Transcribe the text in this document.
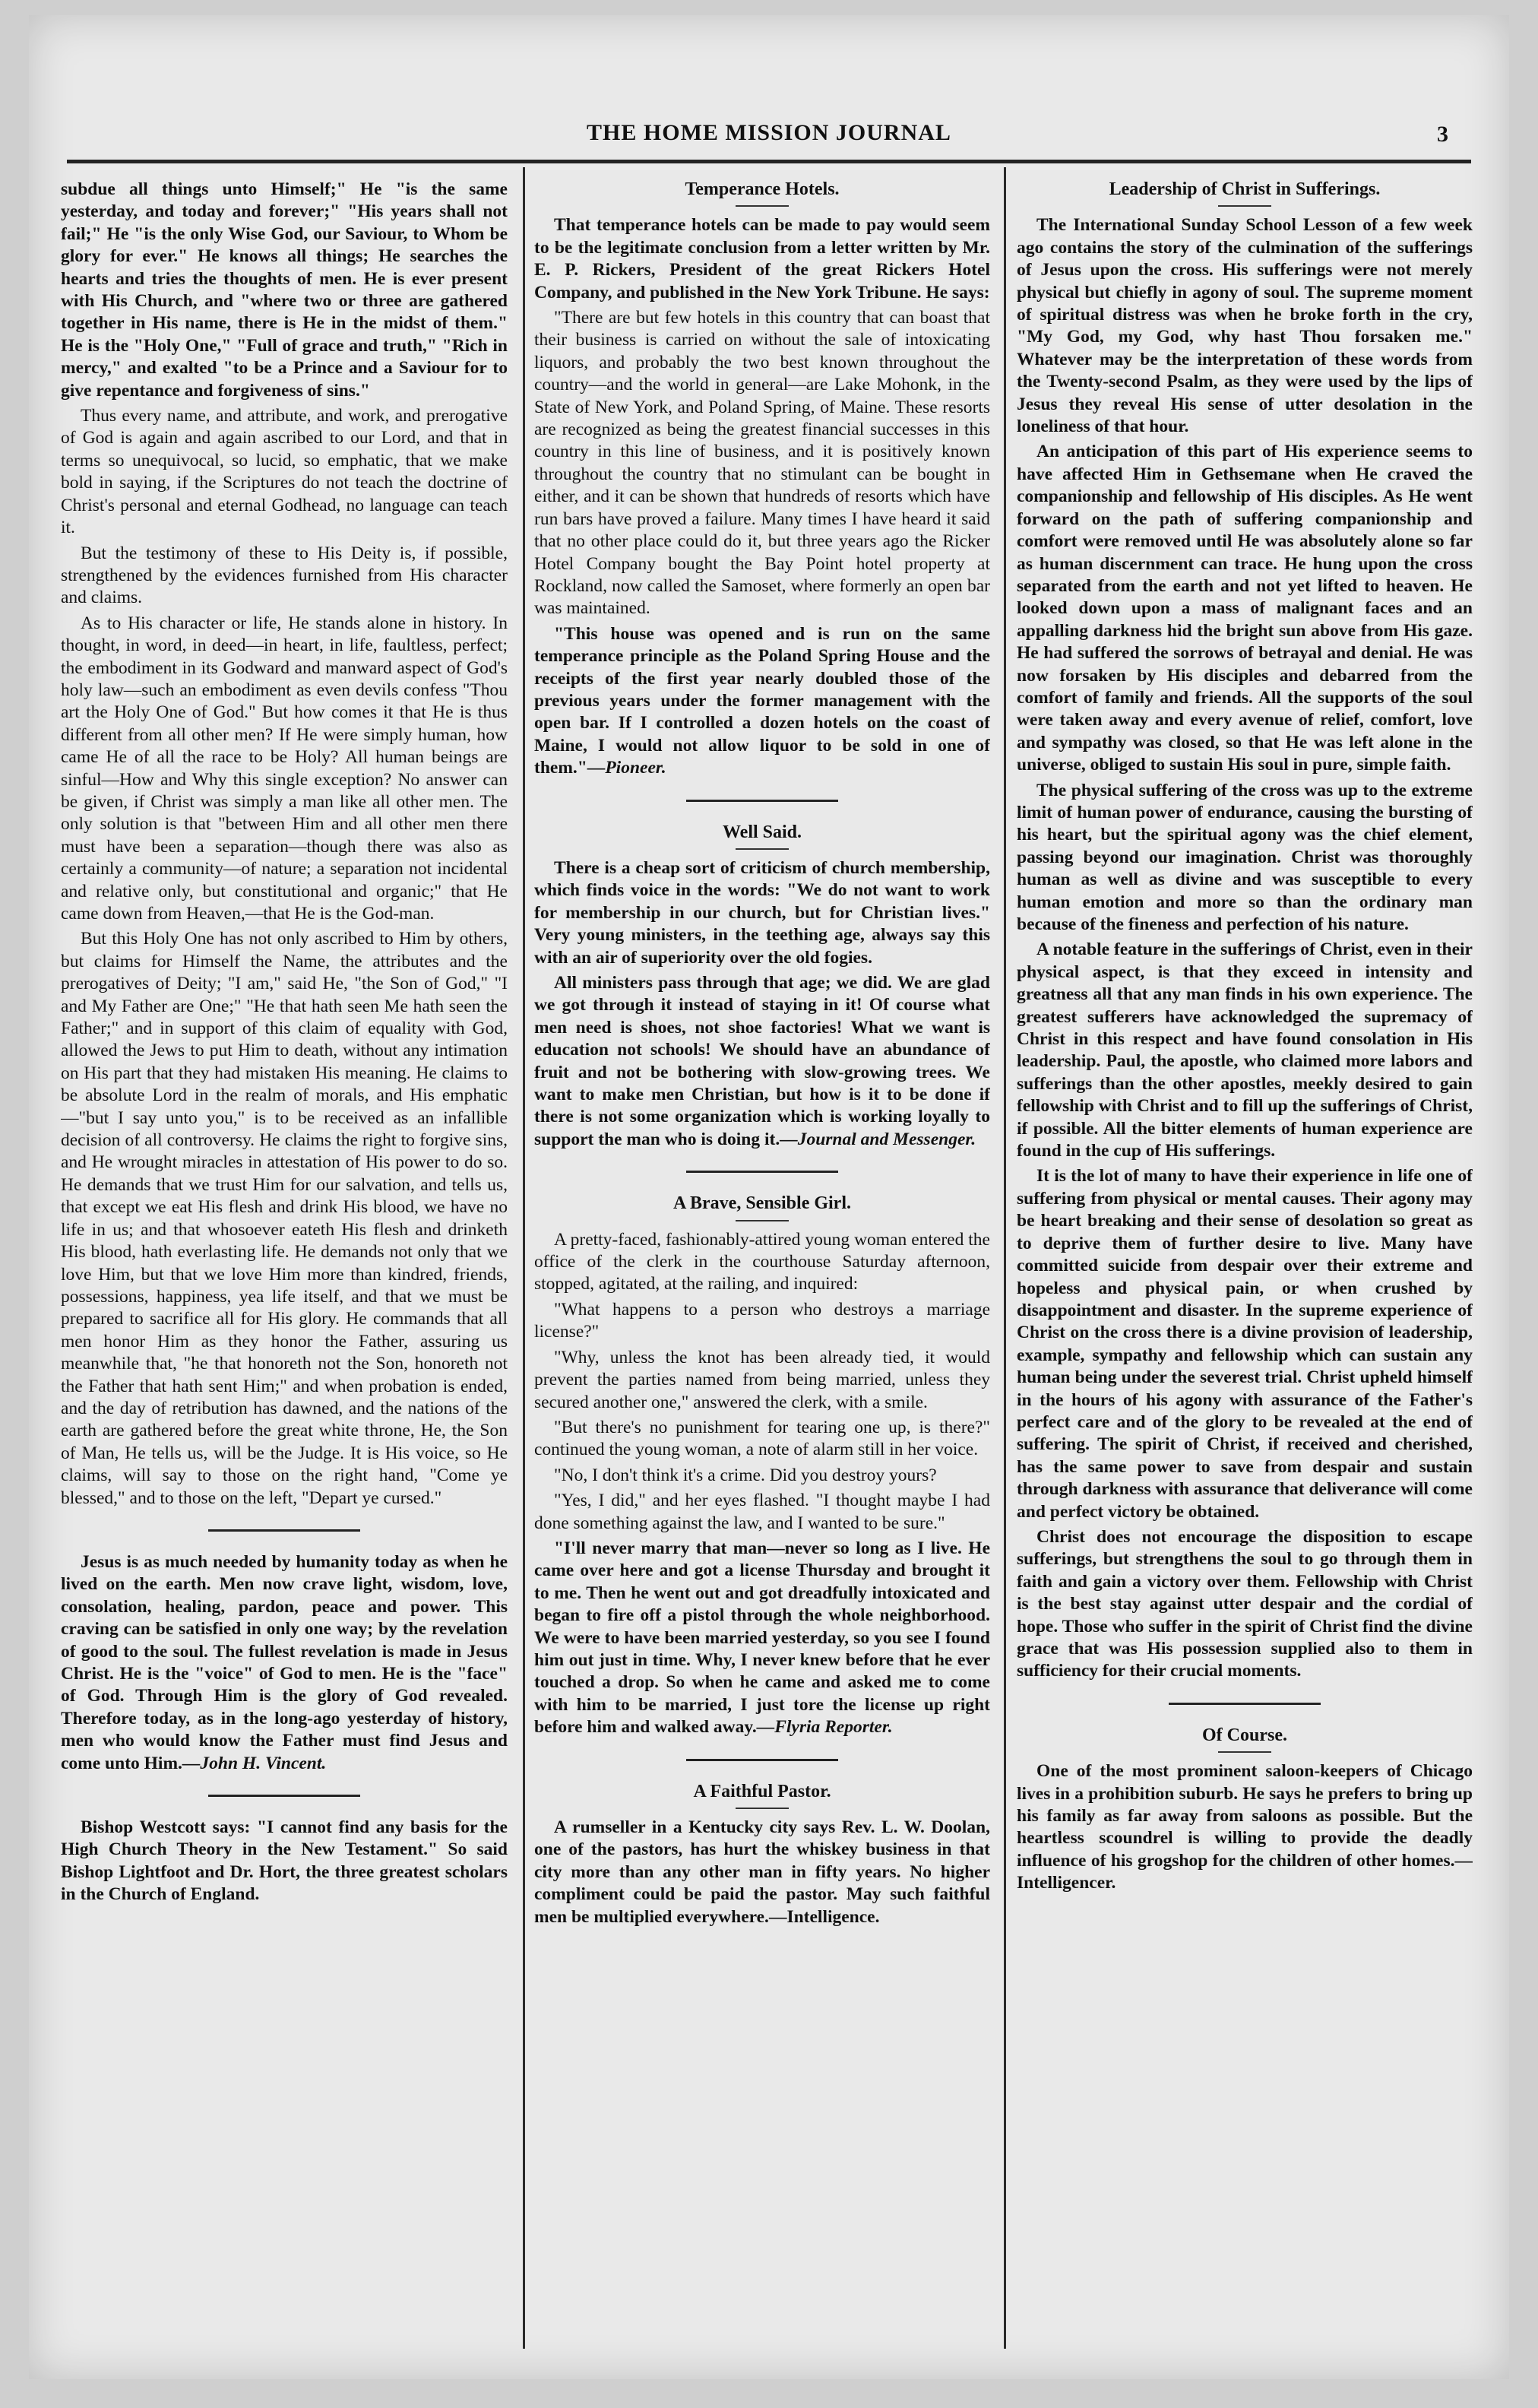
THE HOME MISSION JOURNAL	3

subdue all things unto Himself;" He "is the same yesterday, and today and forever;" "His years shall not fail;" He "is the only Wise God, our Saviour, to Whom be glory for ever." He knows all things; He searches the hearts and tries the thoughts of men. He is ever present with His Church, and "where two or three are gathered together in His name, there is He in the midst of them." He is the "Holy One," "Full of grace and truth," "Rich in mercy," and exalted "to be a Prince and a Saviour for to give repentance and forgiveness of sins."

Thus every name, and attribute, and work, and prerogative of God is again and again ascribed to our Lord, and that in terms so unequivocal, so lucid, so emphatic, that we make bold in saying, if the Scriptures do not teach the doctrine of Christ's personal and eternal Godhead, no language can teach it.

But the testimony of these to His Deity is, if possible, strengthened by the evidences furnished from His character and claims.

As to His character or life, He stands alone in history. In thought, in word, in deed—in heart, in life, faultless, perfect; the embodiment in its Godward and manward aspect of God's holy law—such an embodiment as even devils confess "Thou art the Holy One of God." But how comes it that He is thus different from all other men? If He were simply human, how came He of all the race to be Holy? All human beings are sinful—How and Why this single exception? No answer can be given, if Christ was simply a man like all other men. The only solution is that "between Him and all other men there must have been a separation—though there was also as certainly a community—of nature; a separation not incidental and relative only, but constitutional and organic;" that He came down from Heaven,—that He is the God-man.

But this Holy One has not only ascribed to Him by others, but claims for Himself the Name, the attributes and the prerogatives of Deity; "I am," said He, "the Son of God," "I and My Father are One;" "He that hath seen Me hath seen the Father;" and in support of this claim of equality with God, allowed the Jews to put Him to death, without any intimation on His part that they had mistaken His meaning. He claims to be absolute Lord in the realm of morals, and His emphatic—"but I say unto you," is to be received as an infallible decision of all controversy. He claims the right to forgive sins, and He wrought miracles in attestation of His power to do so. He demands that we trust Him for our salvation, and tells us, that except we eat His flesh and drink His blood, we have no life in us; and that whosoever eateth His flesh and drinketh His blood, hath everlasting life. He demands not only that we love Him, but that we love Him more than kindred, friends, possessions, happiness, yea life itself, and that we must be prepared to sacrifice all for His glory. He commands that all men honor Him as they honor the Father, assuring us meanwhile that, "he that honoreth not the Son, honoreth not the Father that hath sent Him;" and when probation is ended, and the day of retribution has dawned, and the nations of the earth are gathered before the great white throne, He, the Son of Man, He tells us, will be the Judge. It is His voice, so He claims, will say to those on the right hand, "Come ye blessed," and to those on the left, "Depart ye cursed."

Jesus is as much needed by humanity today as when he lived on the earth. Men now crave light, wisdom, love, consolation, healing, pardon, peace and power. This craving can be satisfied in only one way; by the revelation of good to the soul. The fullest revelation is made in Jesus Christ. He is the "voice" of God to men. He is the "face" of God. Through Him is the glory of God revealed. Therefore today, as in the long-ago yesterday of history, men who would know the Father must find Jesus and come unto Him.—John H. Vincent.

Bishop Westcott says: "I cannot find any basis for the High Church Theory in the New Testament." So said Bishop Lightfoot and Dr. Hort, the three greatest scholars in the Church of England.

Temperance Hotels.

That temperance hotels can be made to pay would seem to be the legitimate conclusion from a letter written by Mr. E. P. Rickers, President of the great Rickers Hotel Company, and published in the New York Tribune. He says:

"There are but few hotels in this country that can boast that their business is carried on without the sale of intoxicating liquors, and probably the two best known throughout the country—and the world in general—are Lake Mohonk, in the State of New York, and Poland Spring, of Maine. These resorts are recognized as being the greatest financial successes in this country in this line of business, and it is positively known throughout the country that no stimulant can be bought in either, and it can be shown that hundreds of resorts which have run bars have proved a failure. Many times I have heard it said that no other place could do it, but three years ago the Ricker Hotel Company bought the Bay Point hotel property at Rockland, now called the Samoset, where formerly an open bar was maintained.

"This house was opened and is run on the same temperance principle as the Poland Spring House and the receipts of the first year nearly doubled those of the previous years under the former management with the open bar. If I controlled a dozen hotels on the coast of Maine, I would not allow liquor to be sold in one of them."—Pioneer.

Well Said.

There is a cheap sort of criticism of church membership, which finds voice in the words: "We do not want to work for membership in our church, but for Christian lives." Very young ministers, in the teething age, always say this with an air of superiority over the old fogies.

All ministers pass through that age; we did. We are glad we got through it instead of staying in it! Of course what men need is shoes, not shoe factories! What we want is education not schools! We should have an abundance of fruit and not be bothering with slow-growing trees. We want to make men Christian, but how is it to be done if there is not some organization which is working loyally to support the man who is doing it.—Journal and Messenger.

A Brave, Sensible Girl.

A pretty-faced, fashionably-attired young woman entered the office of the clerk in the courthouse Saturday afternoon, stopped, agitated, at the railing, and inquired:

"What happens to a person who destroys a marriage license?"

"Why, unless the knot has been already tied, it would prevent the parties named from being married, unless they secured another one," answered the clerk, with a smile.

"But there's no punishment for tearing one up, is there?" continued the young woman, a note of alarm still in her voice.

"No, I don't think it's a crime. Did you destroy yours?

"Yes, I did," and her eyes flashed. "I thought maybe I had done something against the law, and I wanted to be sure."

"I'll never marry that man—never so long as I live. He came over here and got a license Thursday and brought it to me. Then he went out and got dreadfully intoxicated and began to fire off a pistol through the whole neighborhood. We were to have been married yesterday, so you see I found him out just in time. Why, I never knew before that he ever touched a drop. So when he came and asked me to come with him to be married, I just tore the license up right before him and walked away.—Flyria Reporter.

A Faithful Pastor.

A rumseller in a Kentucky city says Rev. L. W. Doolan, one of the pastors, has hurt the whiskey business in that city more than any other man in fifty years. No higher compliment could be paid the pastor. May such faithful men be multiplied everywhere.—Intelligence.

Leadership of Christ in Sufferings.

The International Sunday School Lesson of a few week ago contains the story of the culmination of the sufferings of Jesus upon the cross. His sufferings were not merely physical but chiefly in agony of soul. The supreme moment of spiritual distress was when he broke forth in the cry, "My God, my God, why hast Thou forsaken me." Whatever may be the interpretation of these words from the Twenty-second Psalm, as they were used by the lips of Jesus they reveal His sense of utter desolation in the loneliness of that hour.

An anticipation of this part of His experience seems to have affected Him in Gethsemane when He craved the companionship and fellowship of His disciples. As He went forward on the path of suffering companionship and comfort were removed until He was absolutely alone so far as human discernment can trace. He hung upon the cross separated from the earth and not yet lifted to heaven. He looked down upon a mass of malignant faces and an appalling darkness hid the bright sun above from His gaze. He had suffered the sorrows of betrayal and denial. He was now forsaken by His disciples and debarred from the comfort of family and friends. All the supports of the soul were taken away and every avenue of relief, comfort, love and sympathy was closed, so that He was left alone in the universe, obliged to sustain His soul in pure, simple faith.

The physical suffering of the cross was up to the extreme limit of human power of endurance, causing the bursting of his heart, but the spiritual agony was the chief element, passing beyond our imagination. Christ was thoroughly human as well as divine and was susceptible to every human emotion and more so than the ordinary man because of the fineness and perfection of his nature.

A notable feature in the sufferings of Christ, even in their physical aspect, is that they exceed in intensity and greatness all that any man finds in his own experience. The greatest sufferers have acknowledged the supremacy of Christ in this respect and have found consolation in His leadership. Paul, the apostle, who claimed more labors and sufferings than the other apostles, meekly desired to gain fellowship with Christ and to fill up the sufferings of Christ, if possible. All the bitter elements of human experience are found in the cup of His sufferings.

It is the lot of many to have their experience in life one of suffering from physical or mental causes. Their agony may be heart breaking and their sense of desolation so great as to deprive them of further desire to live. Many have committed suicide from despair over their extreme and hopeless and physical pain, or when crushed by disappointment and disaster. In the supreme experience of Christ on the cross there is a divine provision of leadership, example, sympathy and fellowship which can sustain any human being under the severest trial. Christ upheld himself in the hours of his agony with assurance of the Father's perfect care and of the glory to be revealed at the end of suffering. The spirit of Christ, if received and cherished, has the same power to save from despair and sustain through darkness with assurance that deliverance will come and perfect victory be obtained.

Christ does not encourage the disposition to escape sufferings, but strengthens the soul to go through them in faith and gain a victory over them. Fellowship with Christ is the best stay against utter despair and the cordial of hope. Those who suffer in the spirit of Christ find the divine grace that was His possession supplied also to them in sufficiency for their crucial moments.

Of Course.

One of the most prominent saloon-keepers of Chicago lives in a prohibition suburb. He says he prefers to bring up his family as far away from saloons as possible. But the heartless scoundrel is willing to provide the deadly influence of his grogshop for the children of other homes.—Intelligencer.
